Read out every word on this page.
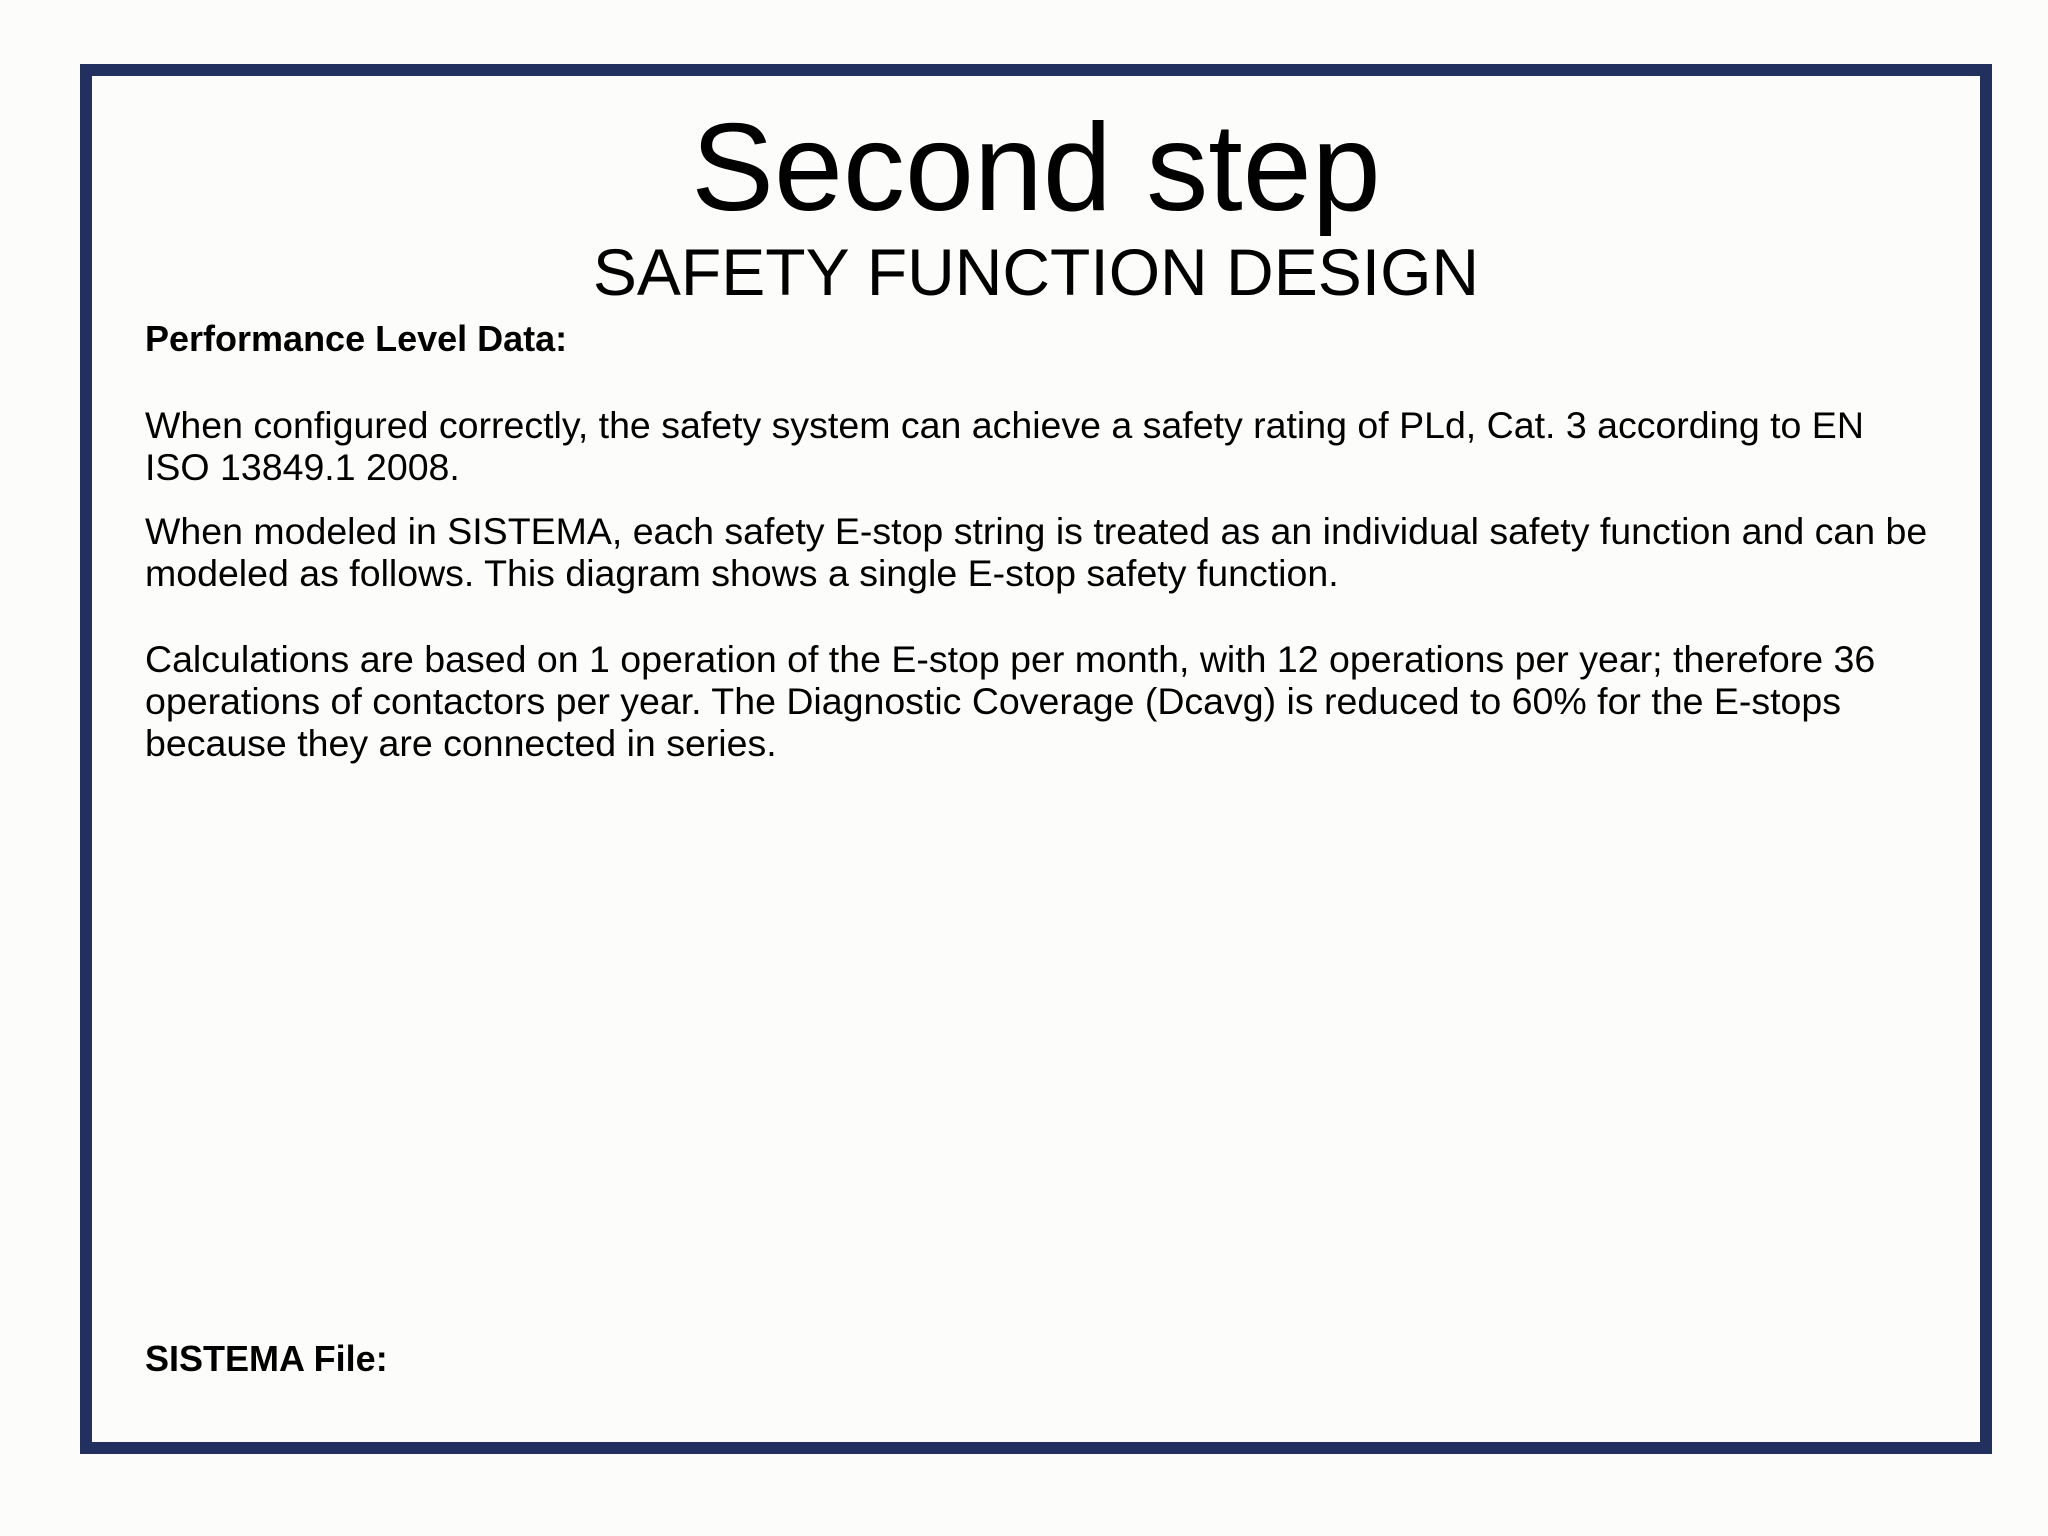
Second step
SAFETY FUNCTION DESIGN

Performance Level Data:

When configured correctly, the safety system can achieve a safety rating of PLd, Cat. 3 according to EN ISO 13849.1 2008.

When modeled in SISTEMA, each safety E-stop string is treated as an individual safety function and can be modeled as follows. This diagram shows a single E-stop safety function.

Calculations are based on 1 operation of the E-stop per month, with 12 operations per year; therefore 36 operations of contactors per year. The Diagnostic Coverage (Dcavg) is reduced to 60% for the E-stops because they are connected in series.

SISTEMA File:
